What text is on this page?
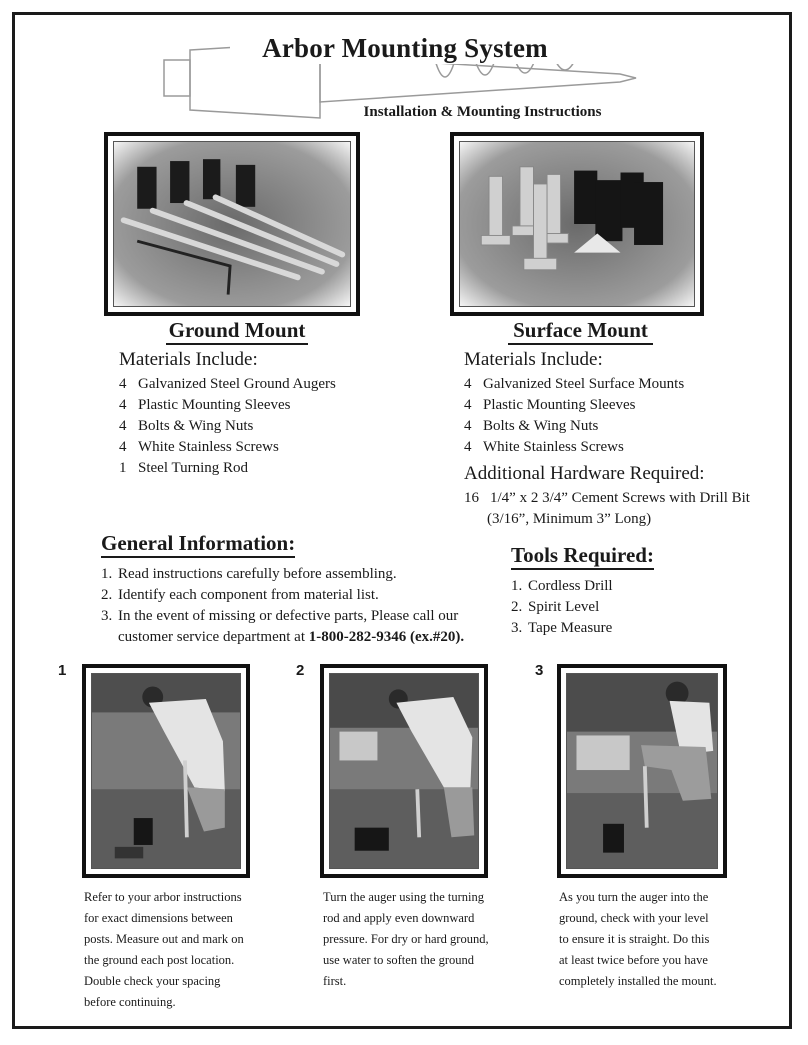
Arbor Mounting System
Installation & Mounting Instructions
Ground Mount
Materials Include:
4 Galvanized Steel Ground Augers
4 Plastic Mounting Sleeves
4 Bolts & Wing Nuts
4 White Stainless Screws
1 Steel Turning Rod
Surface Mount
Materials Include:
4 Galvanized Steel Surface Mounts
4 Plastic Mounting Sleeves
4 Bolts & Wing Nuts
4 White Stainless Screws
Additional Hardware Required:
16 1/4” x 2 3/4” Cement Screws with Drill Bit
(3/16”, Minimum 3” Long)
General Information:
1. Read instructions carefully before assembling.
2. Identify each component from material list.
3. In the event of missing or defective parts, Please call our
customer service department at 1-800-282-9346 (ex.#20).
Tools Required:
1. Cordless Drill
2. Spirit Level
3. Tape Measure
1
Refer to your arbor instructions
for exact dimensions between
posts. Measure out and mark on
the ground each post location.
Double check your spacing
before continuing.
2
Turn the auger using the turning
rod and apply even downward
pressure. For dry or hard ground,
use water to soften the ground
first.
3
As you turn the auger into the
ground, check with your level
to ensure it is straight. Do this
at least twice before you have
completely installed the mount.
